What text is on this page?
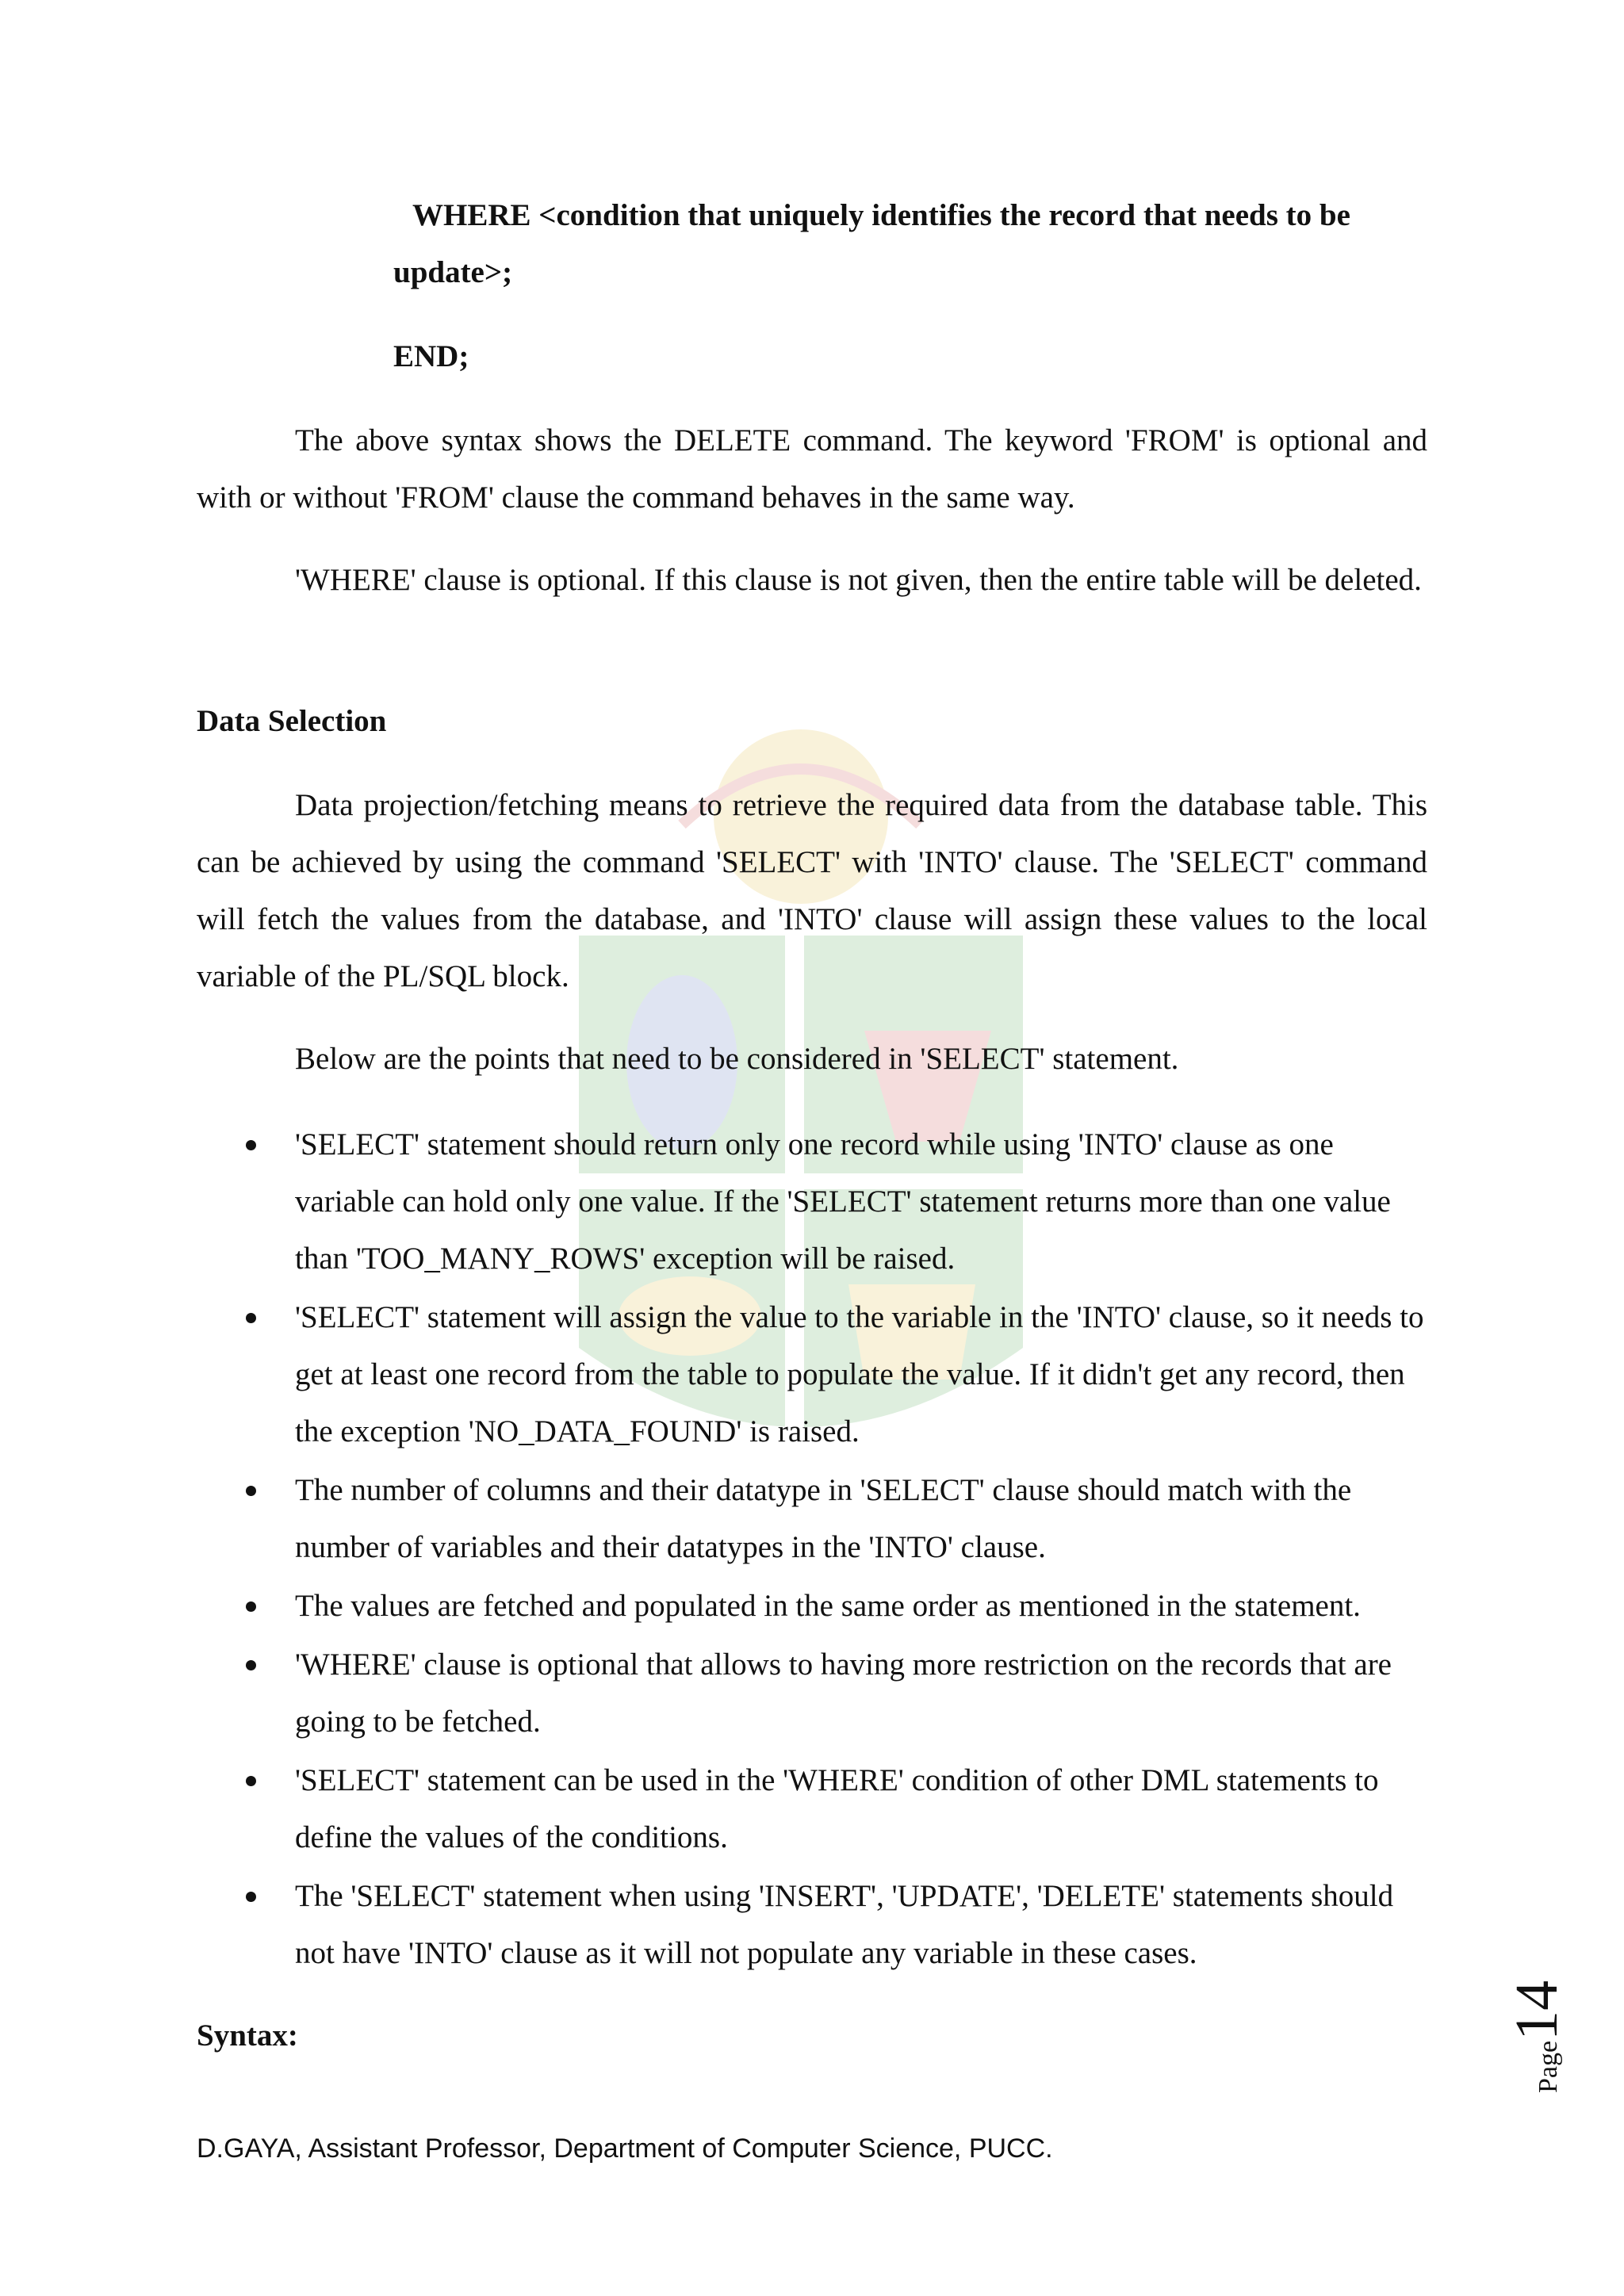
WHERE <condition that uniquely identifies the record that needs to be
update>;
END;

The above syntax shows the DELETE command. The keyword 'FROM' is optional and with or without 'FROM' clause the command behaves in the same way.

'WHERE' clause is optional. If this clause is not given, then the entire table will be deleted.

Data Selection

Data projection/fetching means to retrieve the required data from the database table. This can be achieved by using the command 'SELECT' with 'INTO' clause. The 'SELECT' command will fetch the values from the database, and 'INTO' clause will assign these values to the local variable of the PL/SQL block.

Below are the points that need to be considered in 'SELECT' statement.

'SELECT' statement should return only one record while using 'INTO' clause as one variable can hold only one value. If the 'SELECT' statement returns more than one value than 'TOO_MANY_ROWS' exception will be raised.
'SELECT' statement will assign the value to the variable in the 'INTO' clause, so it needs to get at least one record from the table to populate the value. If it didn't get any record, then the exception 'NO_DATA_FOUND' is raised.
The number of columns and their datatype in 'SELECT' clause should match with the number of variables and their datatypes in the 'INTO' clause.
The values are fetched and populated in the same order as mentioned in the statement.
'WHERE' clause is optional that allows to having more restriction on the records that are going to be fetched.
'SELECT' statement can be used in the 'WHERE' condition of other DML statements to define the values of the conditions.
The 'SELECT' statement when using 'INSERT', 'UPDATE', 'DELETE' statements should not have 'INTO' clause as it will not populate any variable in these cases.
Syntax:
Page14
D.GAYA, Assistant Professor, Department of Computer Science, PUCC.
